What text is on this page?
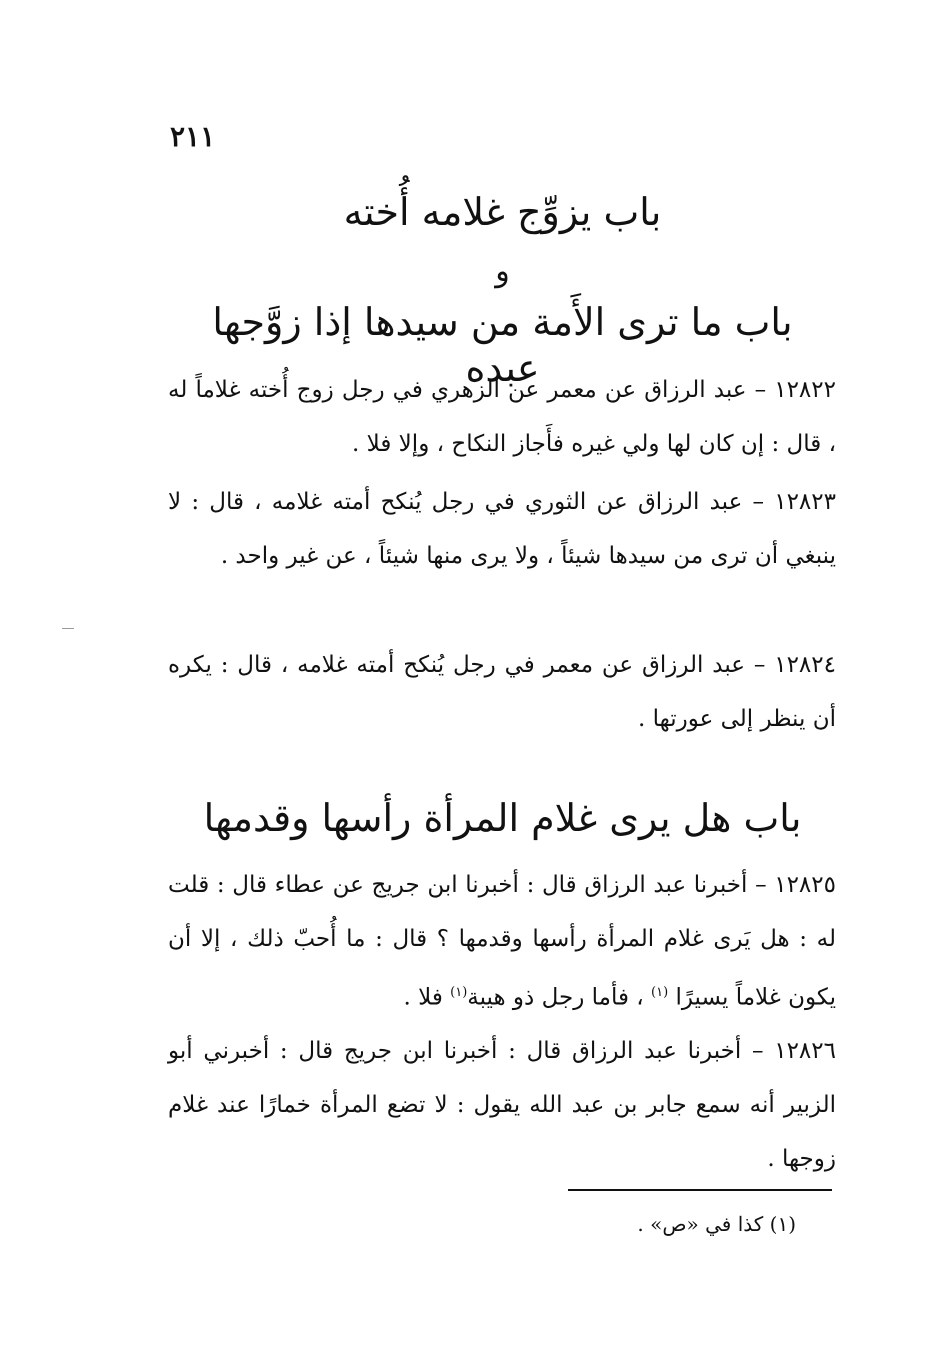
٢١١
باب يزوِّج غلامه أُخته
و
باب ما ترى الأَمة من سيدها إذا زوَّجها عبده
١٢٨٢٢ – عبد الرزاق عن معمر عن الزهري في رجل زوج أُخته غلاماً له ، قال : إن كان لها ولي غيره فأَجاز النكاح ، وإلا فلا .
١٢٨٢٣ – عبد الرزاق عن الثوري في رجل يُنكح أمته غلامه ، قال : لا ينبغي أن ترى من سيدها شيئاً ، ولا يرى منها شيئاً ، عن غير واحد .
١٢٨٢٤ – عبد الرزاق عن معمر في رجل يُنكح أمته غلامه ، قال : يكره أن ينظر إلى عورتها .
باب هل يرى غلام المرأة رأسها وقدمها
١٢٨٢٥ – أخبرنا عبد الرزاق قال : أخبرنا ابن جريج عن عطاء قال : قلت له : هل يَرى غلام المرأة رأسها وقدمها ؟ قال : ما أُحبّ ذلك ، إلا أن يكون غلاماً يسيرًا $^{(١)}$ ، فأما رجل ذو هيبة$^{(١)}$ فلا .
١٢٨٢٦ – أخبرنا عبد الرزاق قال : أخبرنا ابن جريج قال : أخبرني أبو الزبير أنه سمع جابر بن عبد الله يقول : لا تضع المرأة خمارًا عند غلام زوجها .
(١) كذا في «ص» .
